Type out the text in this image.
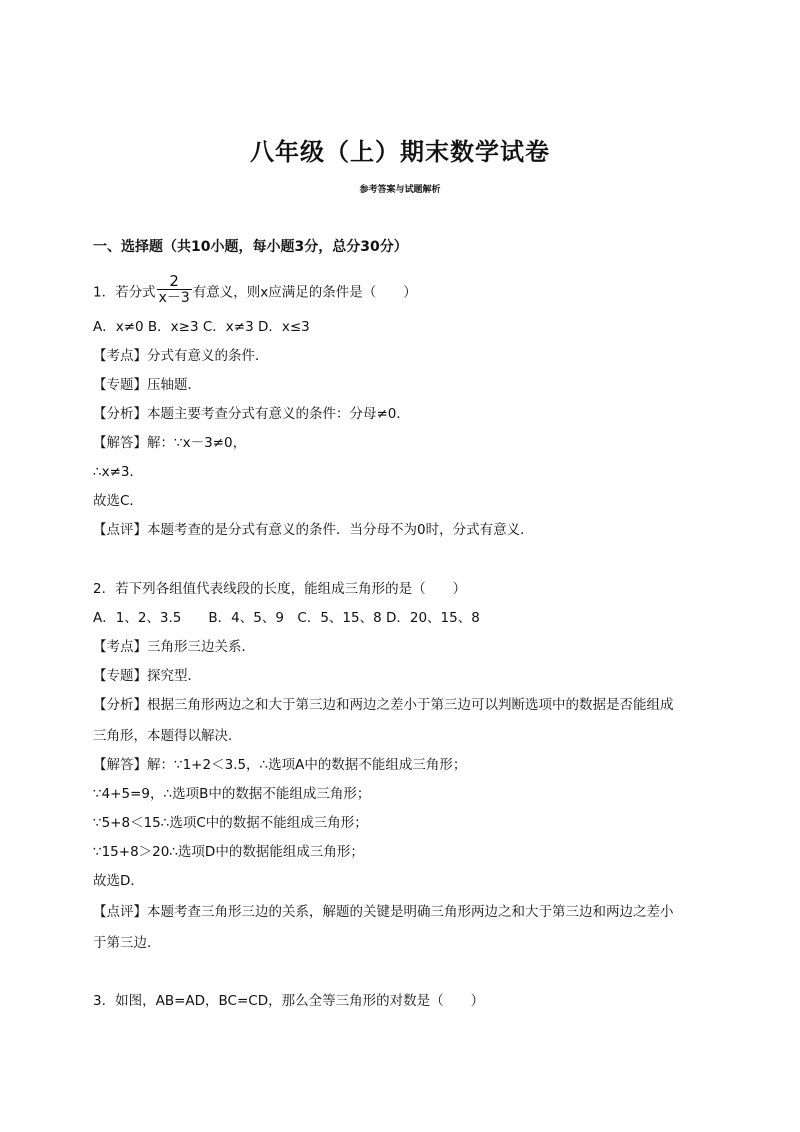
八年级（上）期末数学试卷
参考答案与试题解析
一、选择题（共10小题，每小题3分，总分30分）
1．若分式 $\frac{2}{x-3}$ 有意义，则x应满足的条件是（　　）
A．x≠0 B．x≥3 C．x≠3 D．x≤3
【考点】分式有意义的条件．
【专题】压轴题．
【分析】本题主要考查分式有意义的条件：分母≠0．
【解答】解：∵x－3≠0，
∴x≠3．
故选C．
【点评】本题考查的是分式有意义的条件．当分母不为0时，分式有意义．
2．若下列各组值代表线段的长度，能组成三角形的是（　　）
A．1、2、3.5　　B．4、5、9　C．5、15、8 D．20、15、8
【考点】三角形三边关系．
【专题】探究型．
【分析】根据三角形两边之和大于第三边和两边之差小于第三边可以判断选项中的数据是否能组成
三角形，本题得以解决．
【解答】解：∵1+2＜3.5，∴选项A中的数据不能组成三角形；
∵4+5=9，∴选项B中的数据不能组成三角形；
∵5+8＜15∴选项C中的数据不能组成三角形；
∵15+8＞20∴选项D中的数据能组成三角形；
故选D．
【点评】本题考查三角形三边的关系，解题的关键是明确三角形两边之和大于第三边和两边之差小
于第三边．
3．如图，AB=AD，BC=CD，那么全等三角形的对数是（　　）
